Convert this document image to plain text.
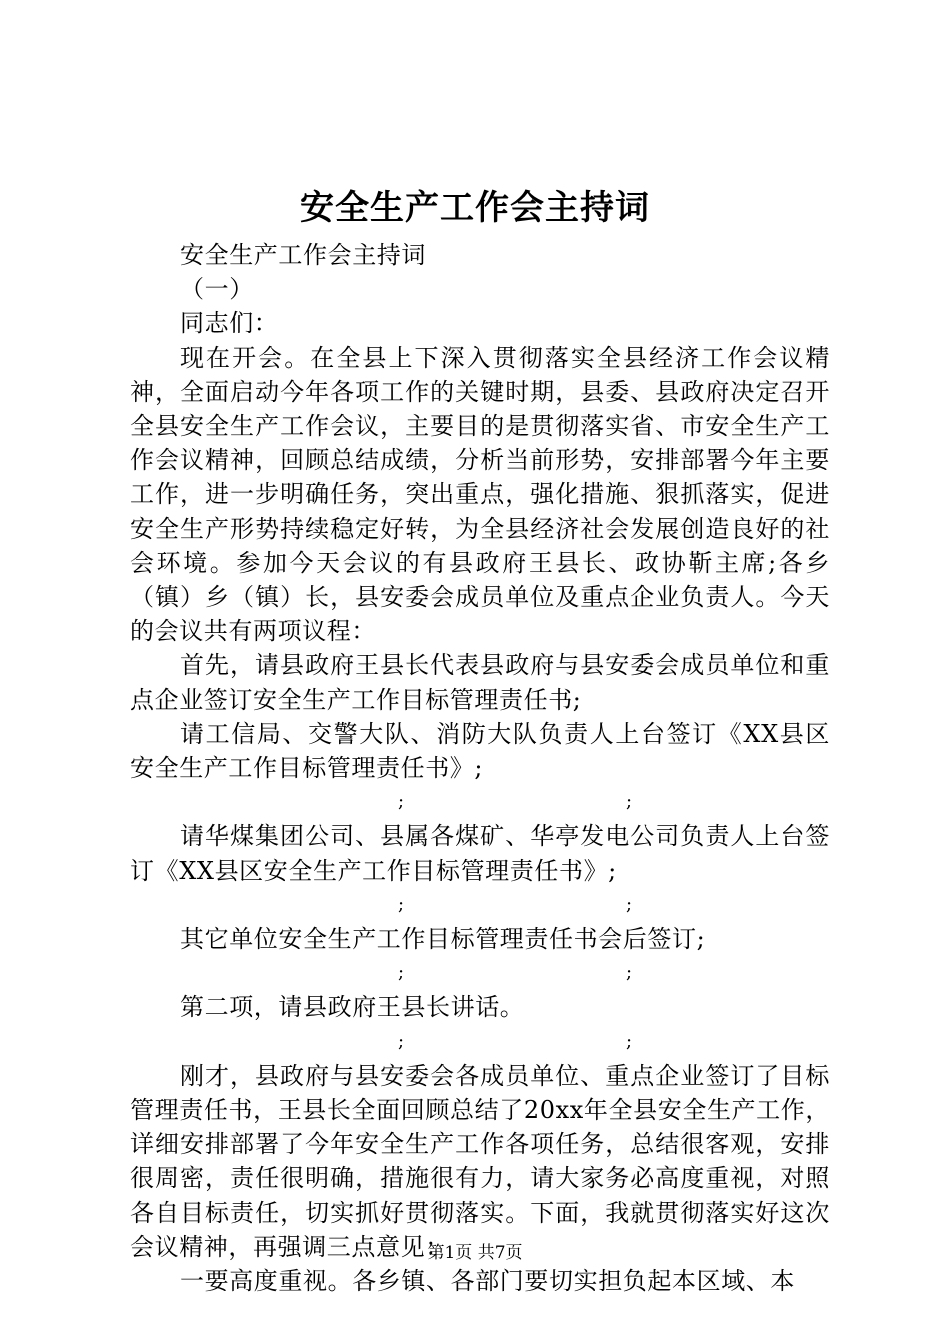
安全生产工作会主持词

安全生产工作会主持词

（一）

同志们：

现在开会。在全县上下深入贯彻落实全县经济工作会议精神，全面启动今年各项工作的关键时期，县委、县政府决定召开全县安全生产工作会议，主要目的是贯彻落实省、市安全生产工作会议精神，回顾总结成绩，分析当前形势，安排部署今年主要工作，进一步明确任务，突出重点，强化措施、狠抓落实，促进安全生产形势持续稳定好转，为全县经济社会发展创造良好的社会环境。参加今天会议的有县政府王县长、政协靳主席;各乡（镇）乡（镇）长，县安委会成员单位及重点企业负责人。今天的会议共有两项议程：

首先，请县政府王县长代表县政府与县安委会成员单位和重点企业签订安全生产工作目标管理责任书;

请工信局、交警大队、消防大队负责人上台签订《XX县区安全生产工作目标管理责任书》;

;	;

请华煤集团公司、县属各煤矿、华亭发电公司负责人上台签订《XX县区安全生产工作目标管理责任书》;

;	;

其它单位安全生产工作目标管理责任书会后签订;

;	;

第二项，请县政府王县长讲话。

;	;

刚才，县政府与县安委会各成员单位、重点企业签订了目标管理责任书，王县长全面回顾总结了20xx年全县安全生产工作，详细安排部署了今年安全生产工作各项任务，总结很客观，安排很周密，责任很明确，措施很有力，请大家务必高度重视，对照各自目标责任，切实抓好贯彻落实。下面，我就贯彻落实好这次会议精神，再强调三点意见：

一要高度重视。各乡镇、各部门要切实担负起本区域、本

第1页 共7页
